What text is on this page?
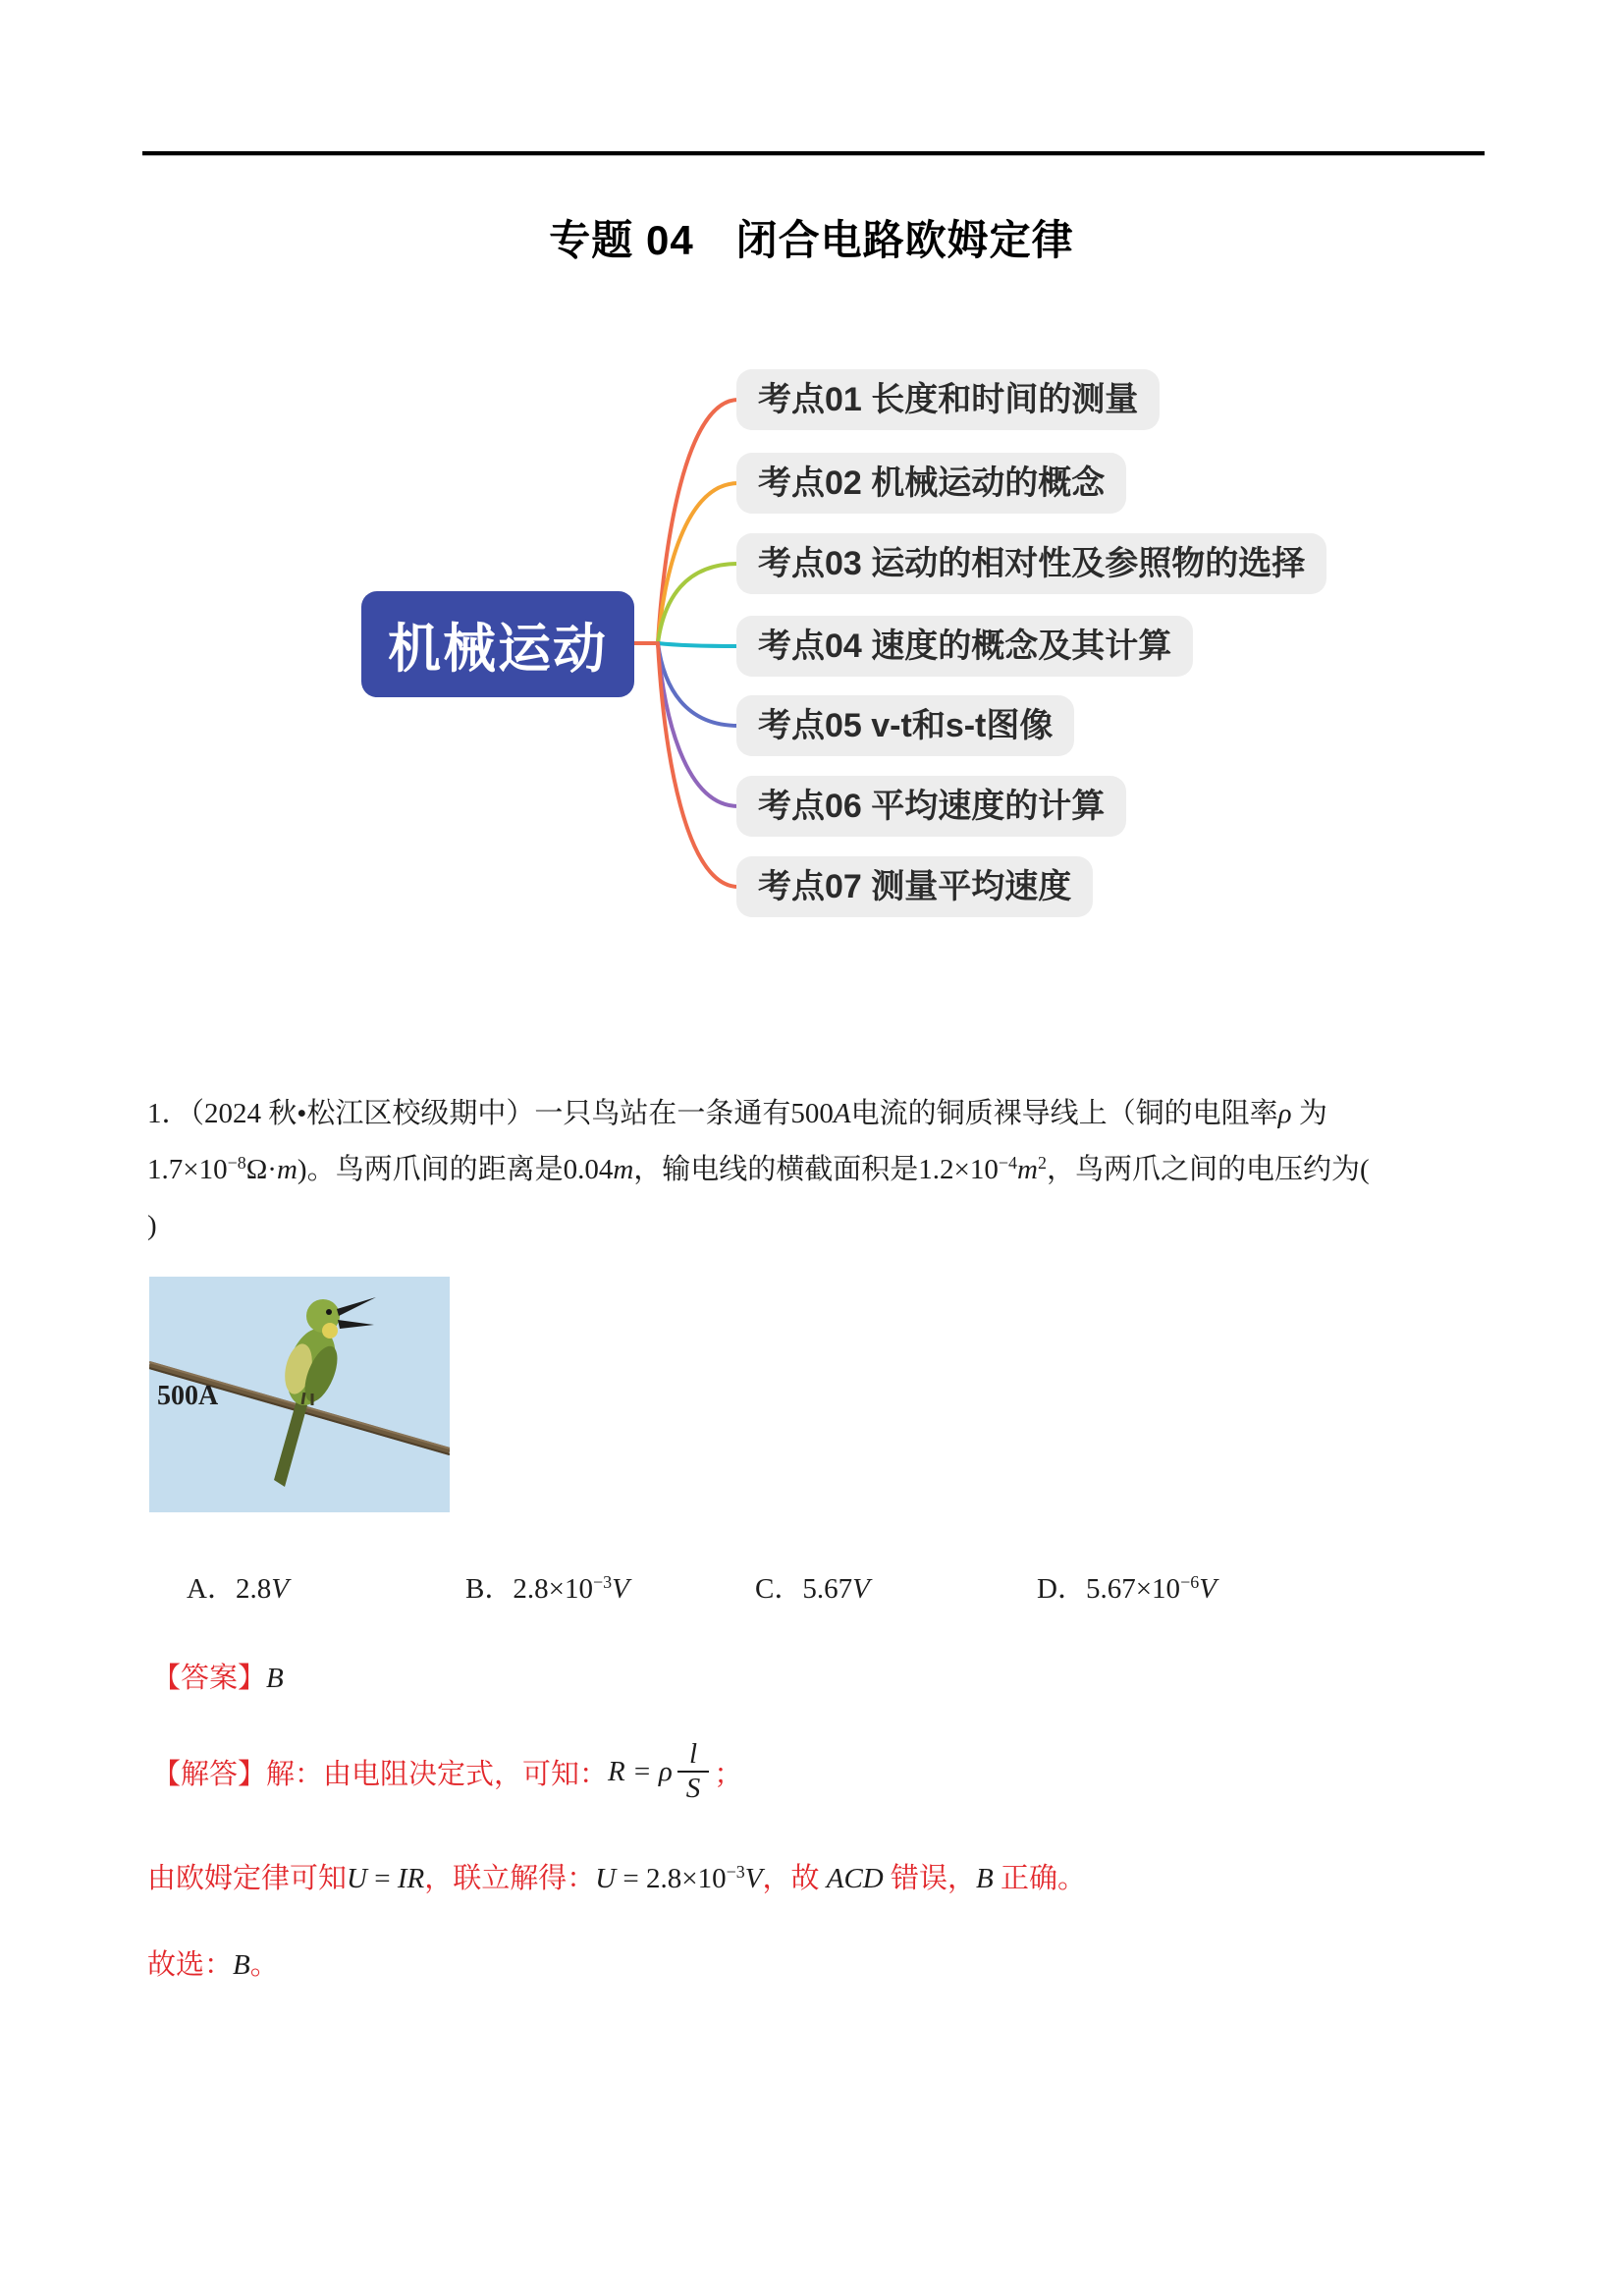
专题 04　闭合电路欧姆定律
机械运动
考点01 长度和时间的测量
考点02 机械运动的概念
考点03 运动的相对性及参照物的选择
考点04 速度的概念及其计算
考点05 v-t和s-t图像
考点06 平均速度的计算
考点07 测量平均速度
1．（2024 秋•松江区校级期中）一只鸟站在一条通有500A电流的铜质裸导线上（铜的电阻率ρ 为
$1.7\times 10^{-8}\Omega\cdot m$)。鸟两爪间的距离是0.04m，输电线的横截面积是$1.2\times 10^{-4}m^2$，鸟两爪之间的电压约为(
)
500A
A．2.8V	B．$2.8\times 10^{-3}V$	C．5.67V	D．$5.67\times 10^{-6}V$
【答案】B
【解答】 解：由电阻决定式，可知： R = ρ $\frac{l}{S}$ ；
由欧姆定律可知U = IR，联立解得：$U = 2.8\times 10^{-3}V$，故 ACD 错误，B 正确。
故选：B。
